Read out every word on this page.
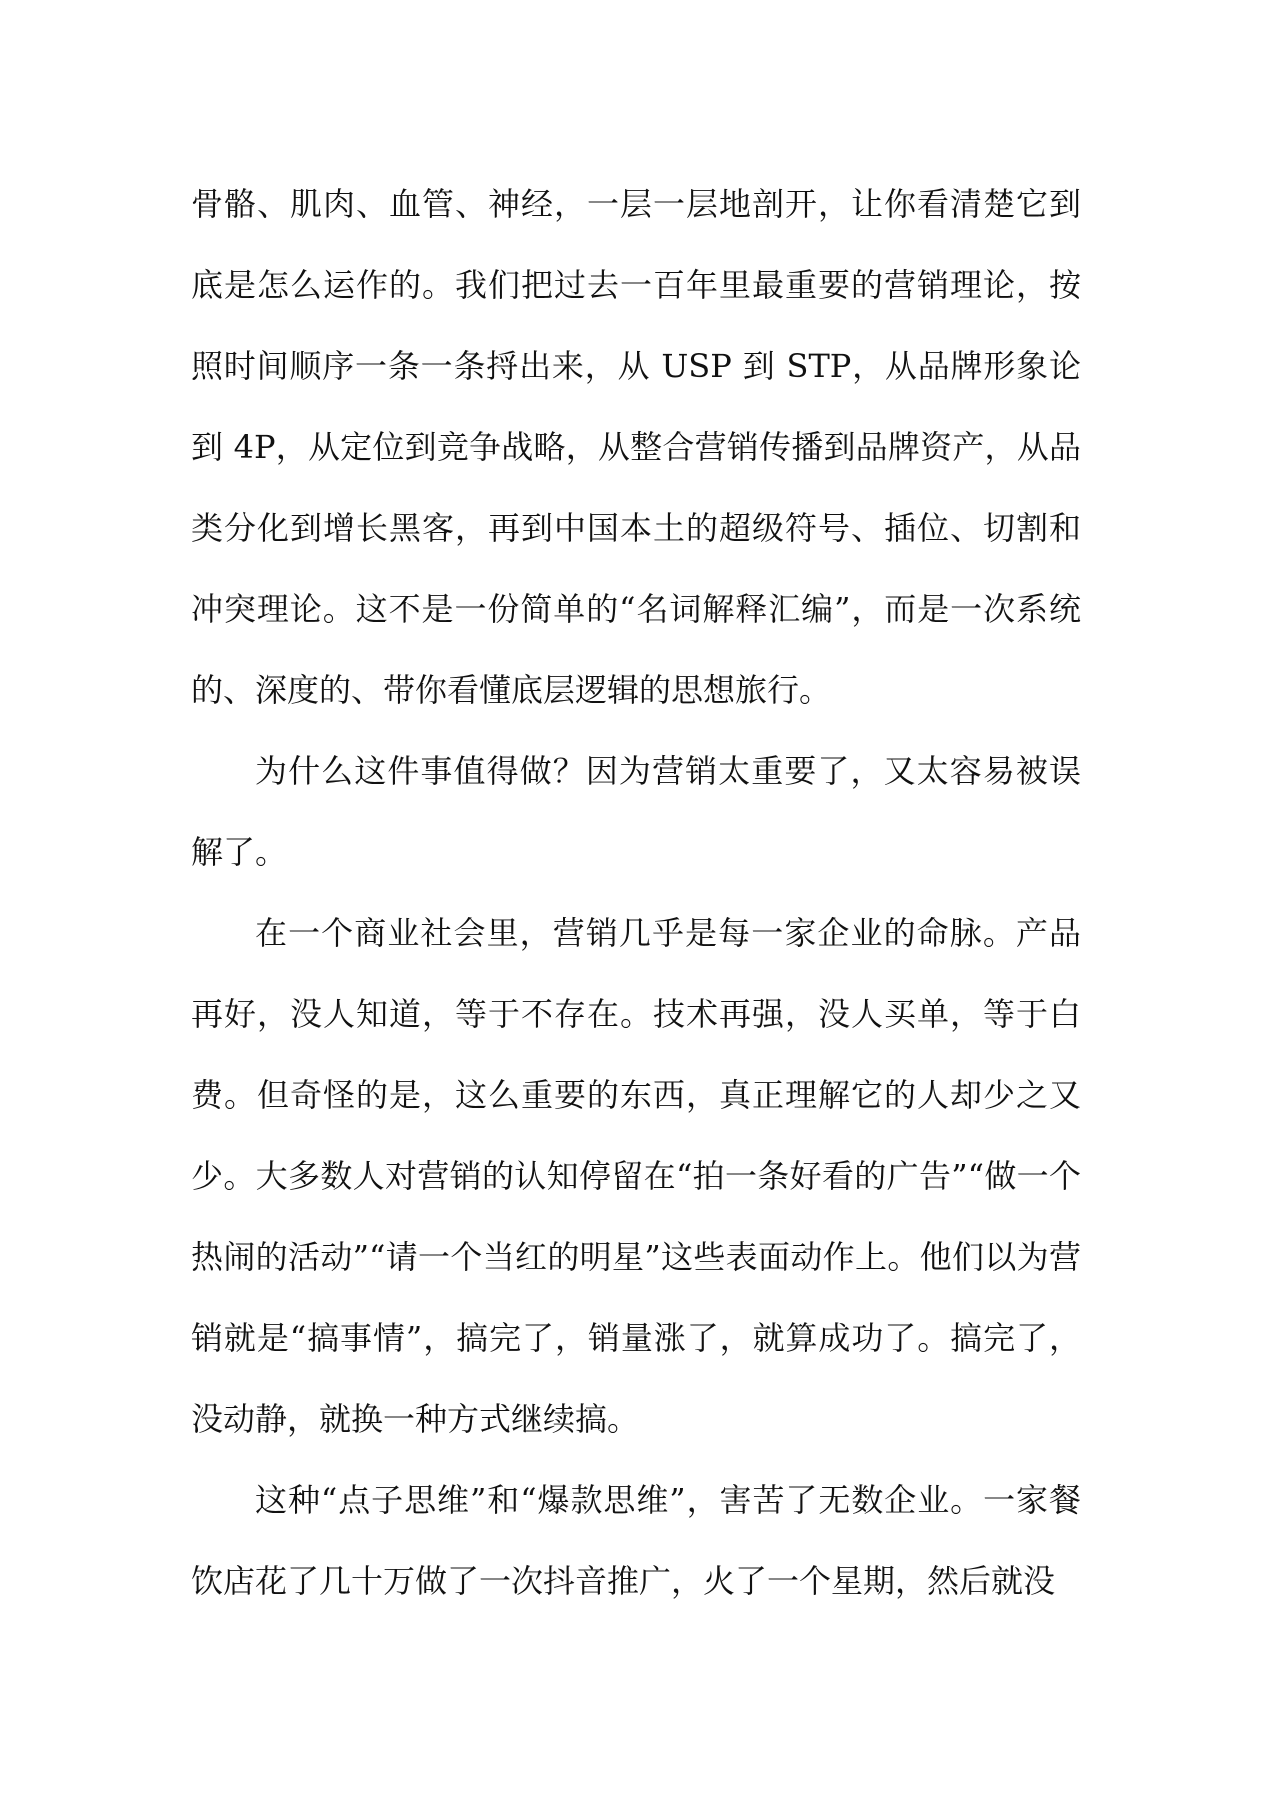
骨骼、肌肉、血管、神经，一层一层地剖开，让你看清楚它到底是怎么运作的。我们把过去一百年里最重要的营销理论，按照时间顺序一条一条捋出来，从 USP 到 STP，从品牌形象论到 4P，从定位到竞争战略，从整合营销传播到品牌资产，从品类分化到增长黑客，再到中国本土的超级符号、插位、切割和冲突理论。这不是一份简单的“名词解释汇编”，而是一次系统的、深度的、带你看懂底层逻辑的思想旅行。

为什么这件事值得做？因为营销太重要了，又太容易被误解了。

在一个商业社会里，营销几乎是每一家企业的命脉。产品再好，没人知道，等于不存在。技术再强，没人买单，等于白费。但奇怪的是，这么重要的东西，真正理解它的人却少之又少。大多数人对营销的认知停留在“拍一条好看的广告”“做一个热闹的活动”“请一个当红的明星”这些表面动作上。他们以为营销就是“搞事情”，搞完了，销量涨了，就算成功了。搞完了，没动静，就换一种方式继续搞。

这种“点子思维”和“爆款思维”，害苦了无数企业。一家餐饮店花了几十万做了一次抖音推广，火了一个星期，然后就没
